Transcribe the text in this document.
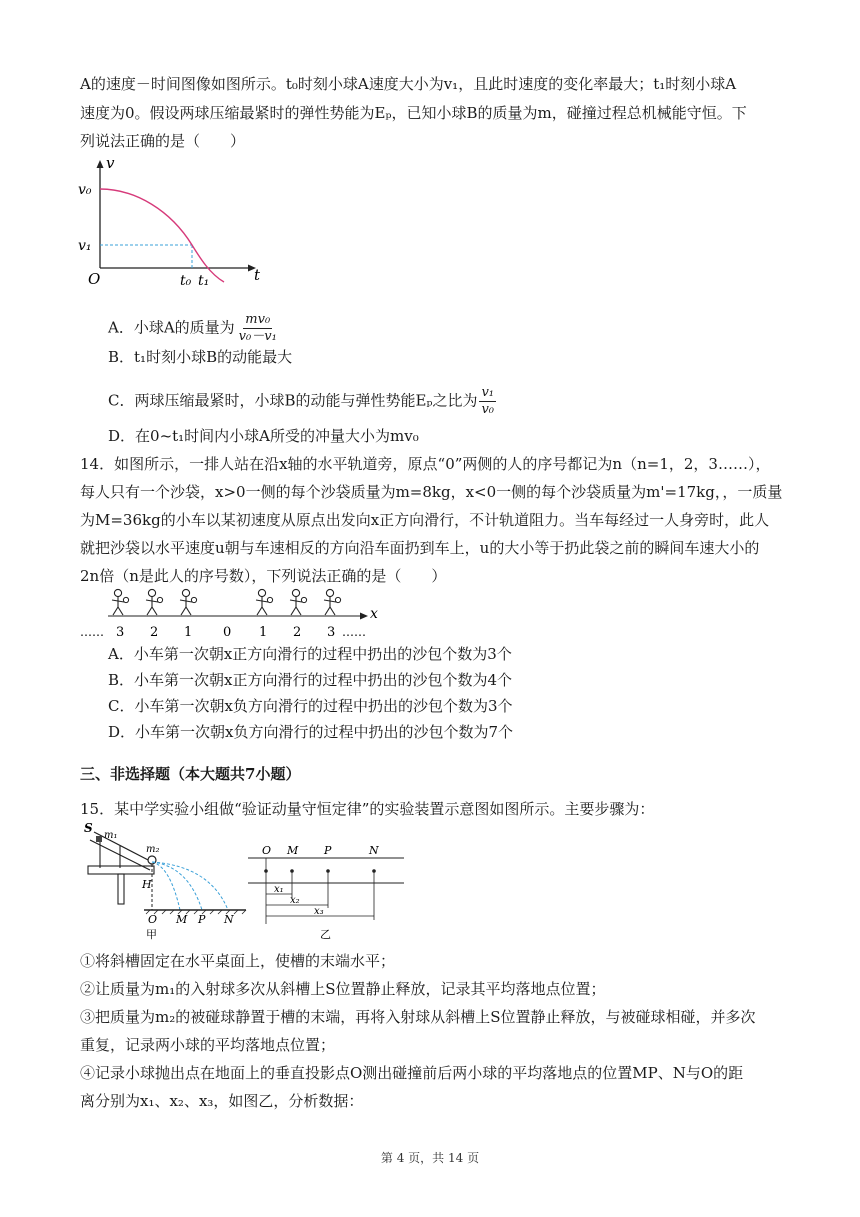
A的速度－时间图像如图所示。t₀时刻小球A速度大小为v₁，且此时速度的变化率最大；t₁时刻小球A
速度为0。假设两球压缩最紧时的弹性势能为Eₚ，已知小球B的质量为m，碰撞过程总机械能守恒。下
列说法正确的是（　　）
v
t
v₀
v₁
O	t₀ t₁
A．小球A的质量为 $\frac{\text{mv₀}}{\text{v₀－v₁}}$
B．t₁时刻小球B的动能最大
C．两球压缩最紧时，小球B的动能与弹性势能Eₚ之比为 $\frac{\text{v₁}}{\text{v₀}}$
D．在0~t₁时间内小球A所受的冲量大小为mv₀
14．如图所示，一排人站在沿x轴的水平轨道旁，原点“0”两侧的人的序号都记为n（n=1，2，3……），
每人只有一个沙袋，x>0一侧的每个沙袋质量为m=8kg，x<0一侧的每个沙袋质量为m'=17kg，，一质量
为M=36kg的小车以某初速度从原点出发向x正方向滑行，不计轨道阻力。当车每经过一人身旁时，此人
就把沙袋以水平速度u朝与车速相反的方向沿车面扔到车上，u的大小等于扔此袋之前的瞬间车速大小的
2n倍（n是此人的序号数），下列说法正确的是（　　）
x
…… 3 2 1 0 1 2 3 ……
A．小车第一次朝x正方向滑行的过程中扔出的沙包个数为3个
B．小车第一次朝x正方向滑行的过程中扔出的沙包个数为4个
C．小车第一次朝x负方向滑行的过程中扔出的沙包个数为3个
D．小车第一次朝x负方向滑行的过程中扔出的沙包个数为7个
三、非选择题（本大题共7小题）
15．某中学实验小组做“验证动量守恒定律”的实验装置示意图如图所示。主要步骤为：
S
m₁
m₂
H
O M P N
甲
O M P	N
x₁
x₂
x₃
乙
①将斜槽固定在水平桌面上，使槽的末端水平；
②让质量为m₁的入射球多次从斜槽上S位置静止释放，记录其平均落地点位置；
③把质量为m₂的被碰球静置于槽的末端，再将入射球从斜槽上S位置静止释放，与被碰球相碰，并多次
重复，记录两小球的平均落地点位置；
④记录小球抛出点在地面上的垂直投影点O测出碰撞前后两小球的平均落地点的位置MP、N与O的距
离分别为x₁、x₂、x₃，如图乙，分析数据：
第 4 页，共 14 页
